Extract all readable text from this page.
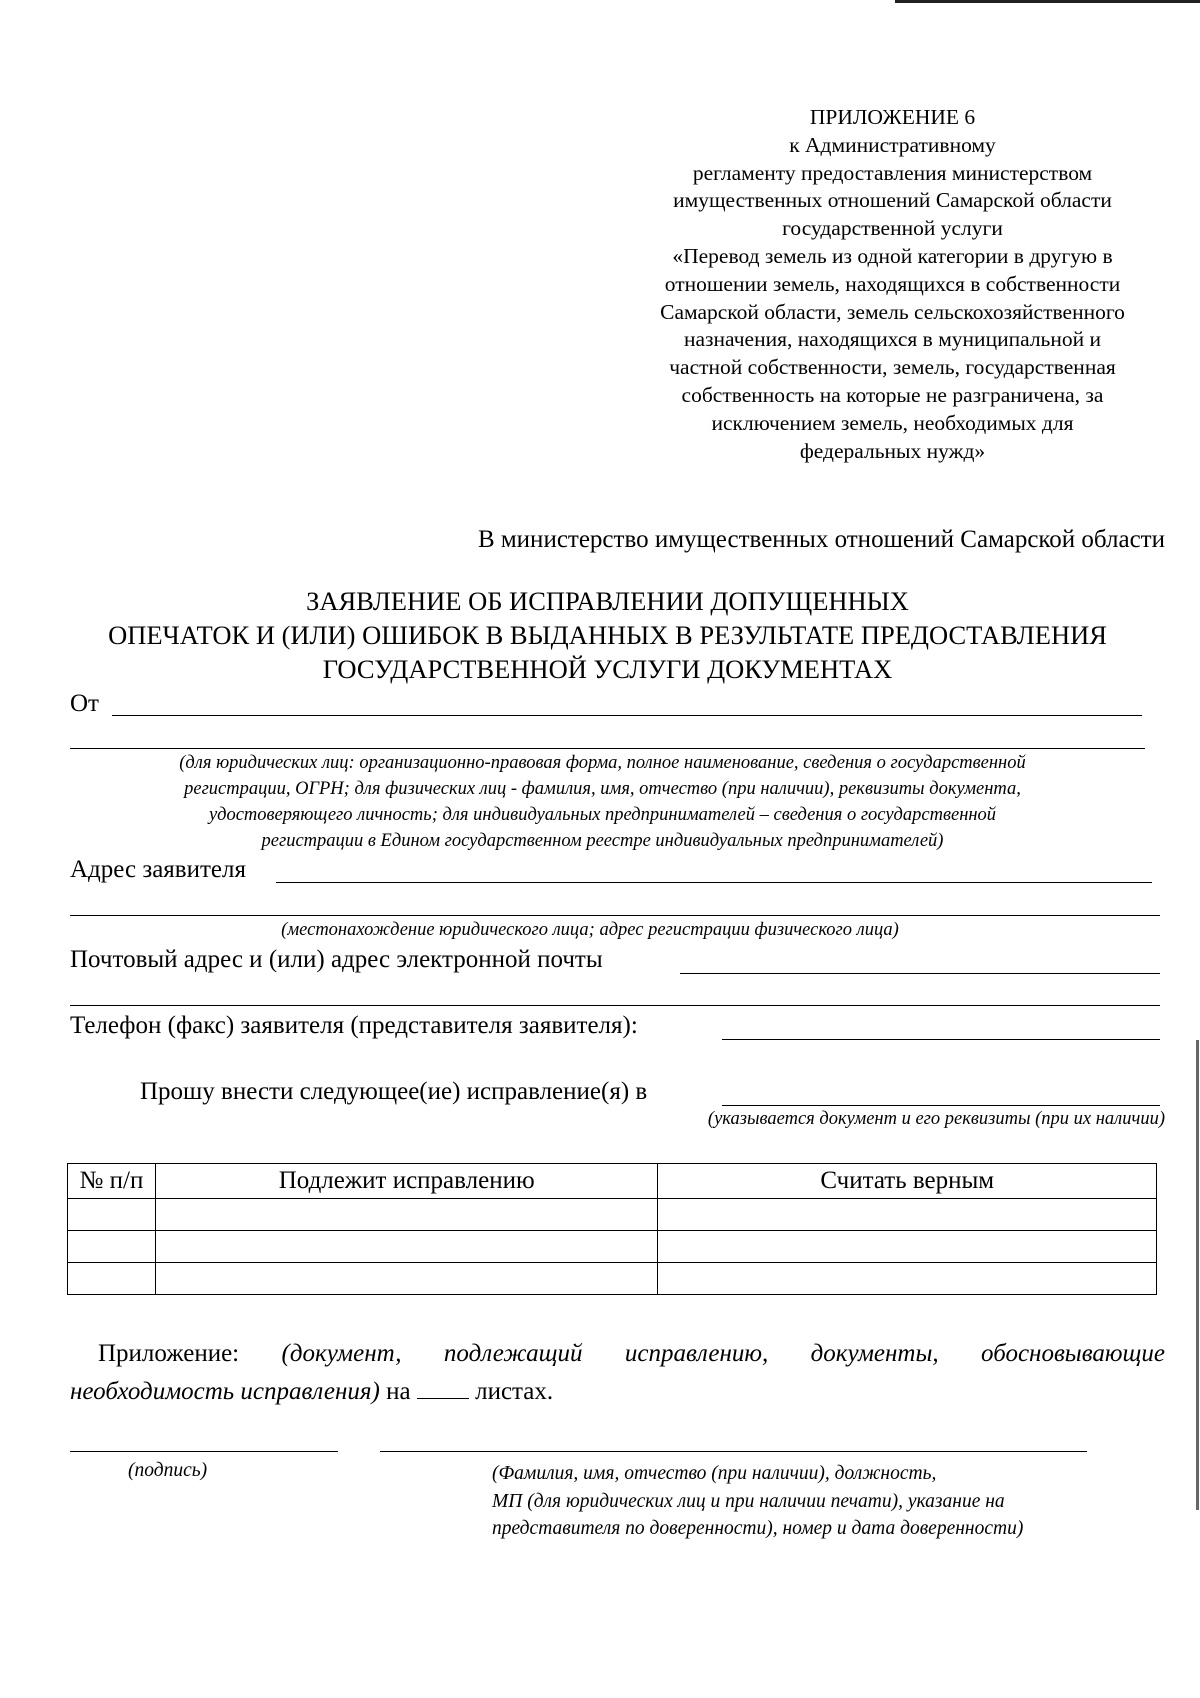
ПРИЛОЖЕНИЕ 6
к Административному
регламенту предоставления министерством
имущественных отношений Самарской области
государственной услуги
«Перевод земель из одной категории в другую в
отношении земель, находящихся в собственности
Самарской области, земель сельскохозяйственного
назначения, находящихся в муниципальной и
частной собственности, земель, государственная
собственность на которые не разграничена, за
исключением земель, необходимых для
федеральных нужд»
В министерство имущественных отношений Самарской области
ЗАЯВЛЕНИЕ ОБ ИСПРАВЛЕНИИ ДОПУЩЕННЫХ
ОПЕЧАТОК И (ИЛИ) ОШИБОК В ВЫДАННЫХ В РЕЗУЛЬТАТЕ ПРЕДОСТАВЛЕНИЯ
ГОСУДАРСТВЕННОЙ УСЛУГИ ДОКУМЕНТАХ
От
(для юридических лиц: организационно-правовая форма, полное наименование, сведения о государственной
регистрации, ОГРН; для физических лиц - фамилия, имя, отчество (при наличии), реквизиты документа,
удостоверяющего личность; для индивидуальных предпринимателей – сведения о государственной
регистрации в Едином государственном реестре индивидуальных предпринимателей)
Адрес заявителя
(местонахождение юридического лица; адрес регистрации физического лица)
Почтовый адрес и (или) адрес электронной почты
Телефон (факс) заявителя (представителя заявителя):
Прошу внести следующее(ие) исправление(я) в
(указывается документ и его реквизиты (при их наличии)
№ п/п	Подлежит исправлению	Считать верным

Приложение: (документ, подлежащий исправлению, документы, обосновывающие
необходимость исправления) на	листах.
(подпись)	(Фамилия, имя, отчество (при наличии), должность,
МП (для юридических лиц и при наличии печати), указание на
представителя по доверенности), номер и дата доверенности)
